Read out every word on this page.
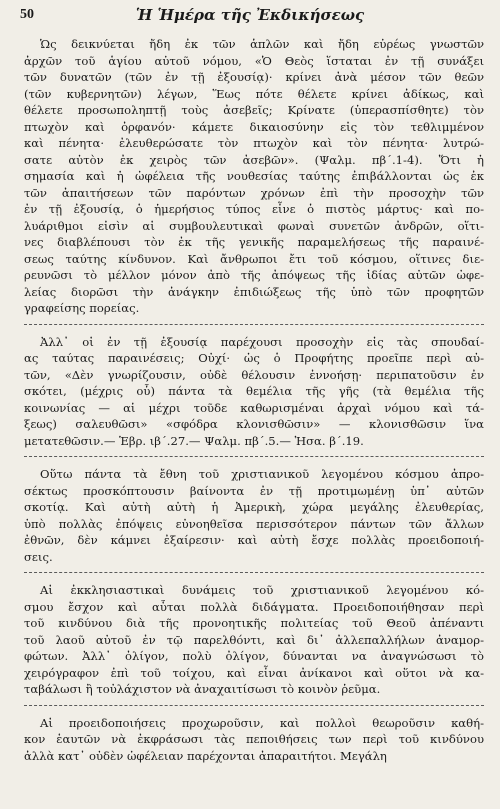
50	Ἡ Ἡμέρα τῆς Ἐκδικήσεως
Ὡς δεικνύεται ἤδη ἐκ τῶν ἁπλῶν καὶ ἤδη εὐρέως γνωστῶν
ἀρχῶν τοῦ ἁγίου αὐτοῦ νόμου, «Ὁ Θεὸς ἵσταται ἐν τῇ συνάξει
τῶν δυνατῶν (τῶν ἐν τῇ ἐξουσίᾳ)· κρίνει ἀνὰ μέσον τῶν θεῶν
(τῶν κυβερνητῶν) λέγων, Ἕως πότε θέλετε κρίνει ἀδίκως, καὶ
θέλετε προσωποληπτῇ τοὺς ἀσεβεῖς; Κρίνατε (ὑπερασπίσθητε) τὸν
πτωχὸν καὶ ὀρφανόν· κάμετε δικαιοσύνην εἰς τὸν τεθλιμμένον
καὶ πένητα· ἐλευθερώσατε τὸν πτωχὸν καὶ τὸν πένητα· λυτρώ-
σατε αὐτὸν ἐκ χειρὸς τῶν ἀσεβῶν». (Ψαλμ. πβ΄.1-4). Ὅτι ἡ
σημασία καὶ ἡ ὠφέλεια τῆς νουθεσίας ταύτης ἐπιβάλλονται ὡς ἐκ
τῶν ἀπαιτήσεων τῶν παρόντων χρόνων ἐπὶ τὴν προσοχὴν τῶν
ἐν τῇ ἐξουσίᾳ, ὁ ἡμερήσιος τύπος εἶνε ὁ πιστὸς μάρτυς· καὶ πο-
λυάριθμοι εἰσὶν αἱ συμβουλευτικαὶ φωναὶ συνετῶν ἀνδρῶν, οἵτι-
νες διαβλέπουσι τὸν ἐκ τῆς γενικῆς παραμελήσεως τῆς παραινέ-
σεως ταύτης κίνδυνον. Καὶ ἄνθρωποι ἔτι τοῦ κόσμου, οἵτινες διε-
ρευνῶσι τὸ μέλλον μόνον ἀπὸ τῆς ἀπόψεως τῆς ἰδίας αὐτῶν ὠφε-
λείας διορῶσι τὴν ἀνάγκην ἐπιδιώξεως τῆς ὑπὸ τῶν προφητῶν
γραφείσης πορείας.
Ἀλλ᾽ οἱ ἐν τῇ ἐξουσίᾳ παρέχουσι προσοχὴν εἰς τὰς σπουδαί-
ας ταύτας παραινέσεις; Οὐχί· ὡς ὁ Προφήτης προεῖπε περὶ αὐ-
τῶν, «Δὲν γνωρίζουσιν, οὐδὲ θέλουσιν ἐννοήσῃ· περιπατοῦσιν ἐν
σκότει, (μέχρις οὗ) πάντα τὰ θεμέλια τῆς γῆς (τὰ θεμέλια τῆς
κοινωνίας — αἱ μέχρι τοῦδε καθωρισμέναι ἀρχαὶ νόμου καὶ τά-
ξεως) σαλευθῶσι» «σφόδρα κλονισθῶσιν» — κλονισθῶσιν ἵνα
μετατεθῶσιν.— Ἑβρ. ιβ΄.27.— Ψαλμ. πβ΄.5.— Ἡσα. β΄.19.
Οὕτω πάντα τὰ ἔθνη τοῦ χριστιανικοῦ λεγομένου κόσμου ἀπρο-
σέκτως προσκόπτουσιν βαίνοντα ἐν τῇ προτιμωμένῃ ὑπ᾽ αὐτῶν
σκοτίᾳ. Καὶ αὐτὴ αὐτὴ ἡ Ἀμερικὴ, χώρα μεγάλης ἐλευθερίας,
ὑπὸ πολλὰς ἐπόψεις εὐνοηθεῖσα περισσότερον πάντων τῶν ἄλλων
ἐθνῶν, δὲν κάμνει ἐξαίρεσιν· καὶ αὐτὴ ἔσχε πολλὰς προειδοποιή-
σεις.
Αἱ ἐκκλησιαστικαὶ δυνάμεις τοῦ χριστιανικοῦ λεγομένου κό-
σμου ἔσχον καὶ αὗται πολλὰ διδάγματα. Προειδοποιήθησαν περὶ
τοῦ κινδύνου διὰ τῆς προνοητικῆς πολιτείας τοῦ Θεοῦ ἀπέναντι
τοῦ λαοῦ αὐτοῦ ἐν τῷ παρελθόντι, καὶ δι᾽ ἀλλεπαλλήλων ἀναμορ-
φώτων. Ἀλλ᾽ ὀλίγον, πολὺ ὀλίγον, δύνανται να ἀναγνώσωσι τὸ
χειρόγραφον ἐπὶ τοῦ τοίχου, καὶ εἶναι ἀνίκανοι καὶ οὕτοι νὰ κα-
ταβάλωσι ἢ τοὐλάχιστον νὰ ἀναχαιτίσωσι τὸ κοινὸν ῥεῦμα.
Αἱ προειδοποιήσεις προχωροῦσιν, καὶ πολλοὶ θεωροῦσιν καθή-
κον ἑαυτῶν νὰ ἐκφράσωσι τὰς πεποιθήσεις των περὶ τοῦ κινδύνου
ἀλλὰ κατ᾽ οὐδὲν ὠφέλειαν παρέχονται ἀπαραιτήτοι. Μεγάλη
